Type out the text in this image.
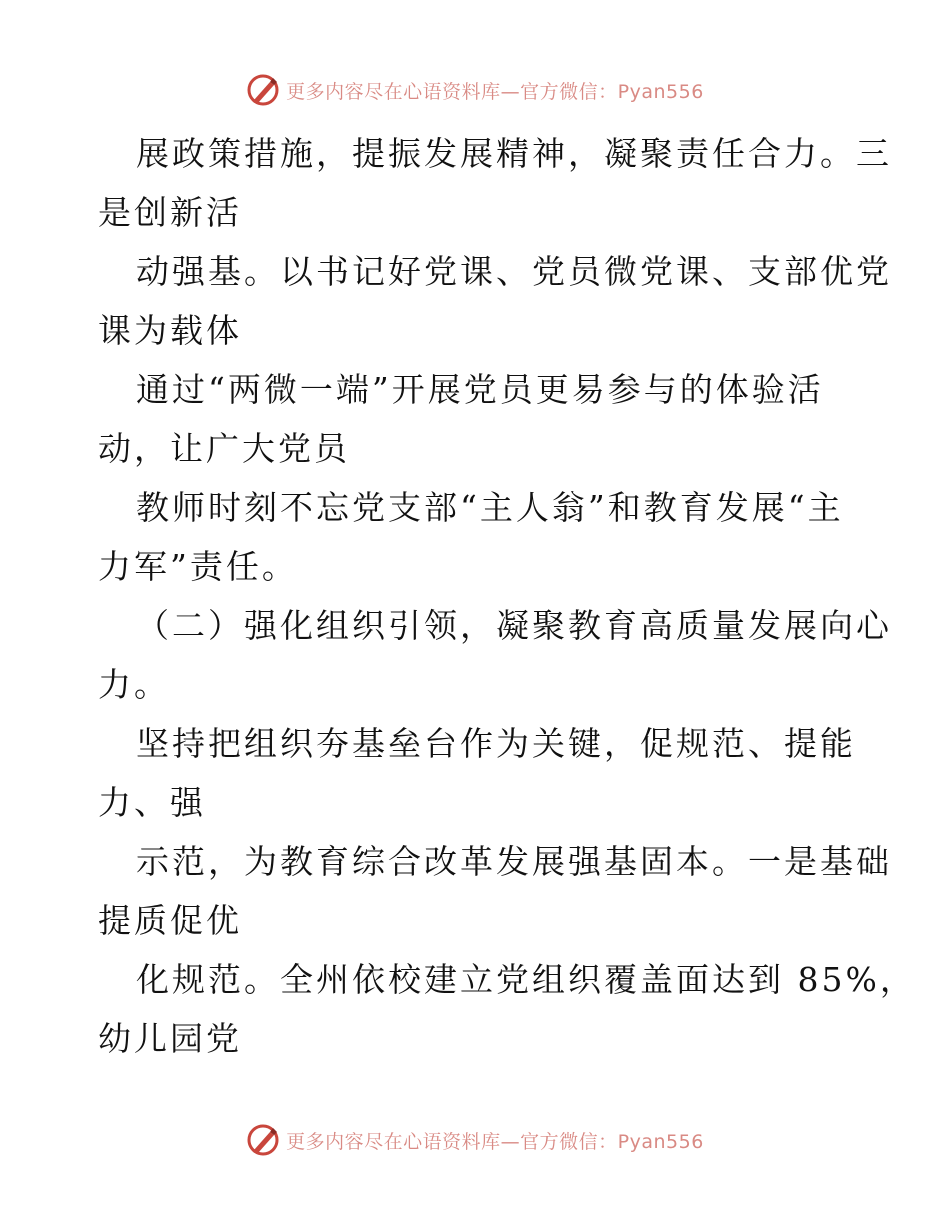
更多内容尽在心语资料库—官方微信：Pyan556

展政策措施，提振发展精神，凝聚责任合力。三
是创新活

动强基。以书记好党课、党员微党课、支部优党
课为载体

通过“两微一端”开展党员更易参与的体验活
动，让广大党员

教师时刻不忘党支部“主人翁”和教育发展“主
力军”责任。

（二）强化组织引领，凝聚教育高质量发展向心
力。

坚持把组织夯基垒台作为关键，促规范、提能
力、强

示范，为教育综合改革发展强基固本。一是基础
提质促优

化规范。全州依校建立党组织覆盖面达到 85%，
幼儿园党

更多内容尽在心语资料库—官方微信：Pyan556
